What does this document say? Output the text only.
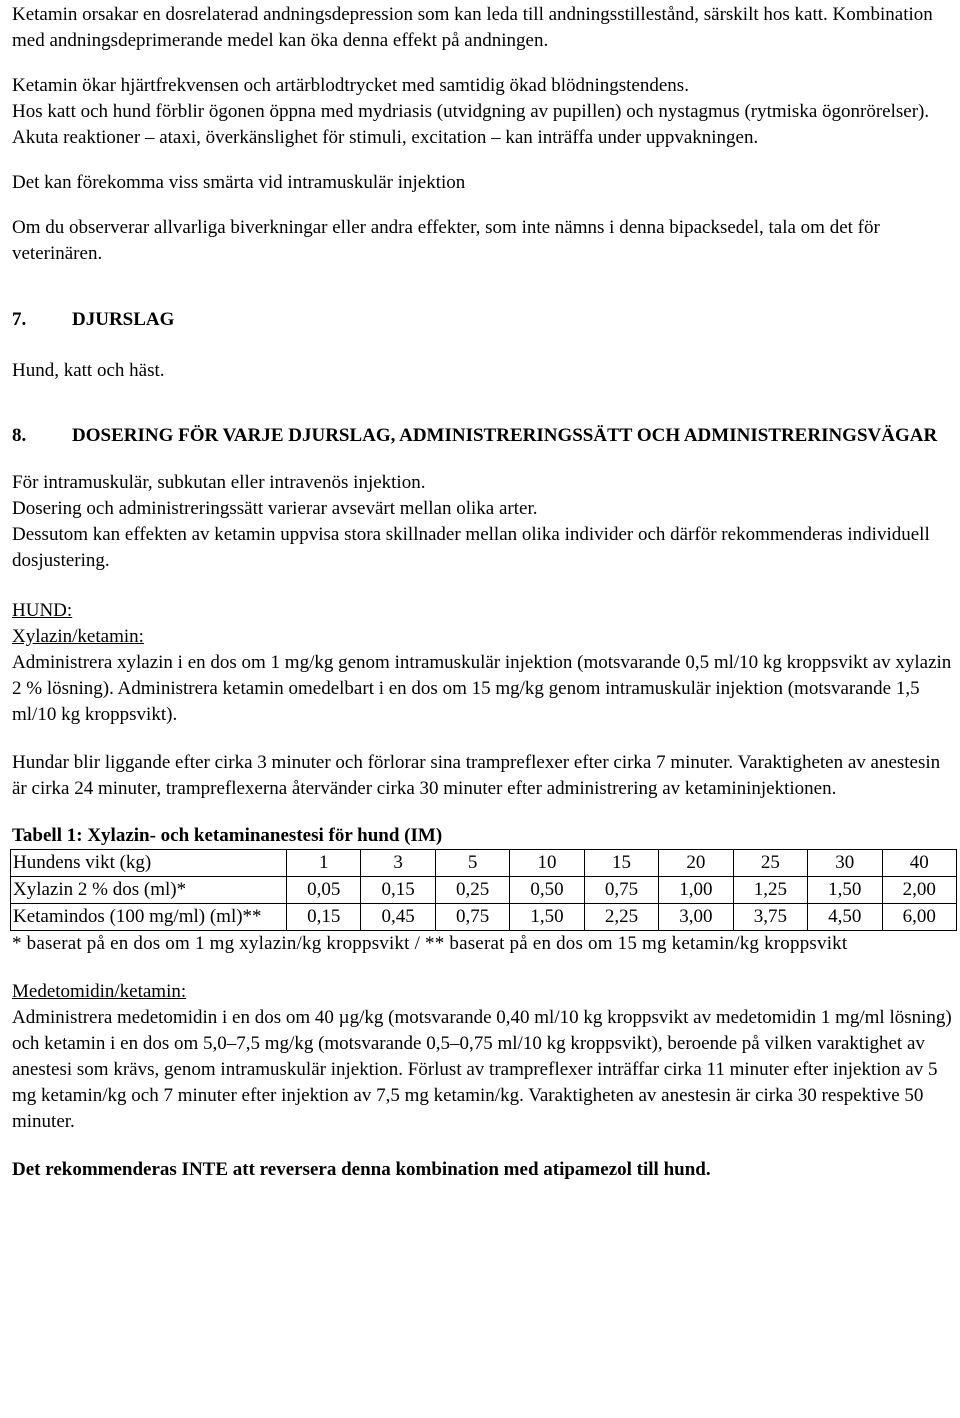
Ketamin orsakar en dosrelaterad andningsdepression som kan leda till andningsstillestånd, särskilt hos katt. Kombination med andningsdeprimerande medel kan öka denna effekt på andningen.

Ketamin ökar hjärtfrekvensen och artärblodtrycket med samtidig ökad blödningstendens.

Hos katt och hund förblir ögonen öppna med mydriasis (utvidgning av pupillen) och nystagmus (rytmiska ögonrörelser). Akuta reaktioner – ataxi, överkänslighet för stimuli, excitation – kan inträffa under uppvakningen.

Det kan förekomma viss smärta vid intramuskulär injektion

Om du observerar allvarliga biverkningar eller andra effekter, som inte nämns i denna bipacksedel, tala om det för veterinären.

7.	DJURSLAG

Hund, katt och häst.

8.	DOSERING FÖR VARJE DJURSLAG, ADMINISTRERINGSSÄTT OCH ADMINISTRERINGSVÄGAR

För intramuskulär, subkutan eller intravenös injektion.

Dosering och administreringssätt varierar avsevärt mellan olika arter.

Dessutom kan effekten av ketamin uppvisa stora skillnader mellan olika individer och därför rekommenderas individuell dosjustering.

HUND:

Xylazin/ketamin:

Administrera xylazin i en dos om 1 mg/kg genom intramuskulär injektion (motsvarande 0,5 ml/10 kg kroppsvikt av xylazin 2 % lösning). Administrera ketamin omedelbart i en dos om 15 mg/kg genom intramuskulär injektion (motsvarande 1,5 ml/10 kg kroppsvikt).

Hundar blir liggande efter cirka 3 minuter och förlorar sina trampreflexer efter cirka 7 minuter. Varaktigheten av anestesin är cirka 24 minuter, trampreflexerna återvänder cirka 30 minuter efter administrering av ketamininjektionen.

Tabell 1: Xylazin- och ketaminanestesi för hund (IM)

Hundens vikt (kg)	1	3	5	10	15	20	25	30	40
Xylazin 2 % dos (ml)*	0,05	0,15	0,25	0,50	0,75	1,00	1,25	1,50	2,00
Ketamindos (100 mg/ml) (ml)**	0,15	0,45	0,75	1,50	2,25	3,00	3,75	4,50	6,00

* baserat på en dos om 1 mg xylazin/kg kroppsvikt / ** baserat på en dos om 15 mg ketamin/kg kroppsvikt

Medetomidin/ketamin:

Administrera medetomidin i en dos om 40 µg/kg (motsvarande 0,40 ml/10 kg kroppsvikt av medetomidin 1 mg/ml lösning) och ketamin i en dos om 5,0–7,5 mg/kg (motsvarande 0,5–0,75 ml/10 kg kroppsvikt), beroende på vilken varaktighet av anestesi som krävs, genom intramuskulär injektion. Förlust av trampreflexer inträffar cirka 11 minuter efter injektion av 5 mg ketamin/kg och 7 minuter efter injektion av 7,5 mg ketamin/kg. Varaktigheten av anestesin är cirka 30 respektive 50 minuter.

Det rekommenderas INTE att reversera denna kombination med atipamezol till hund.
